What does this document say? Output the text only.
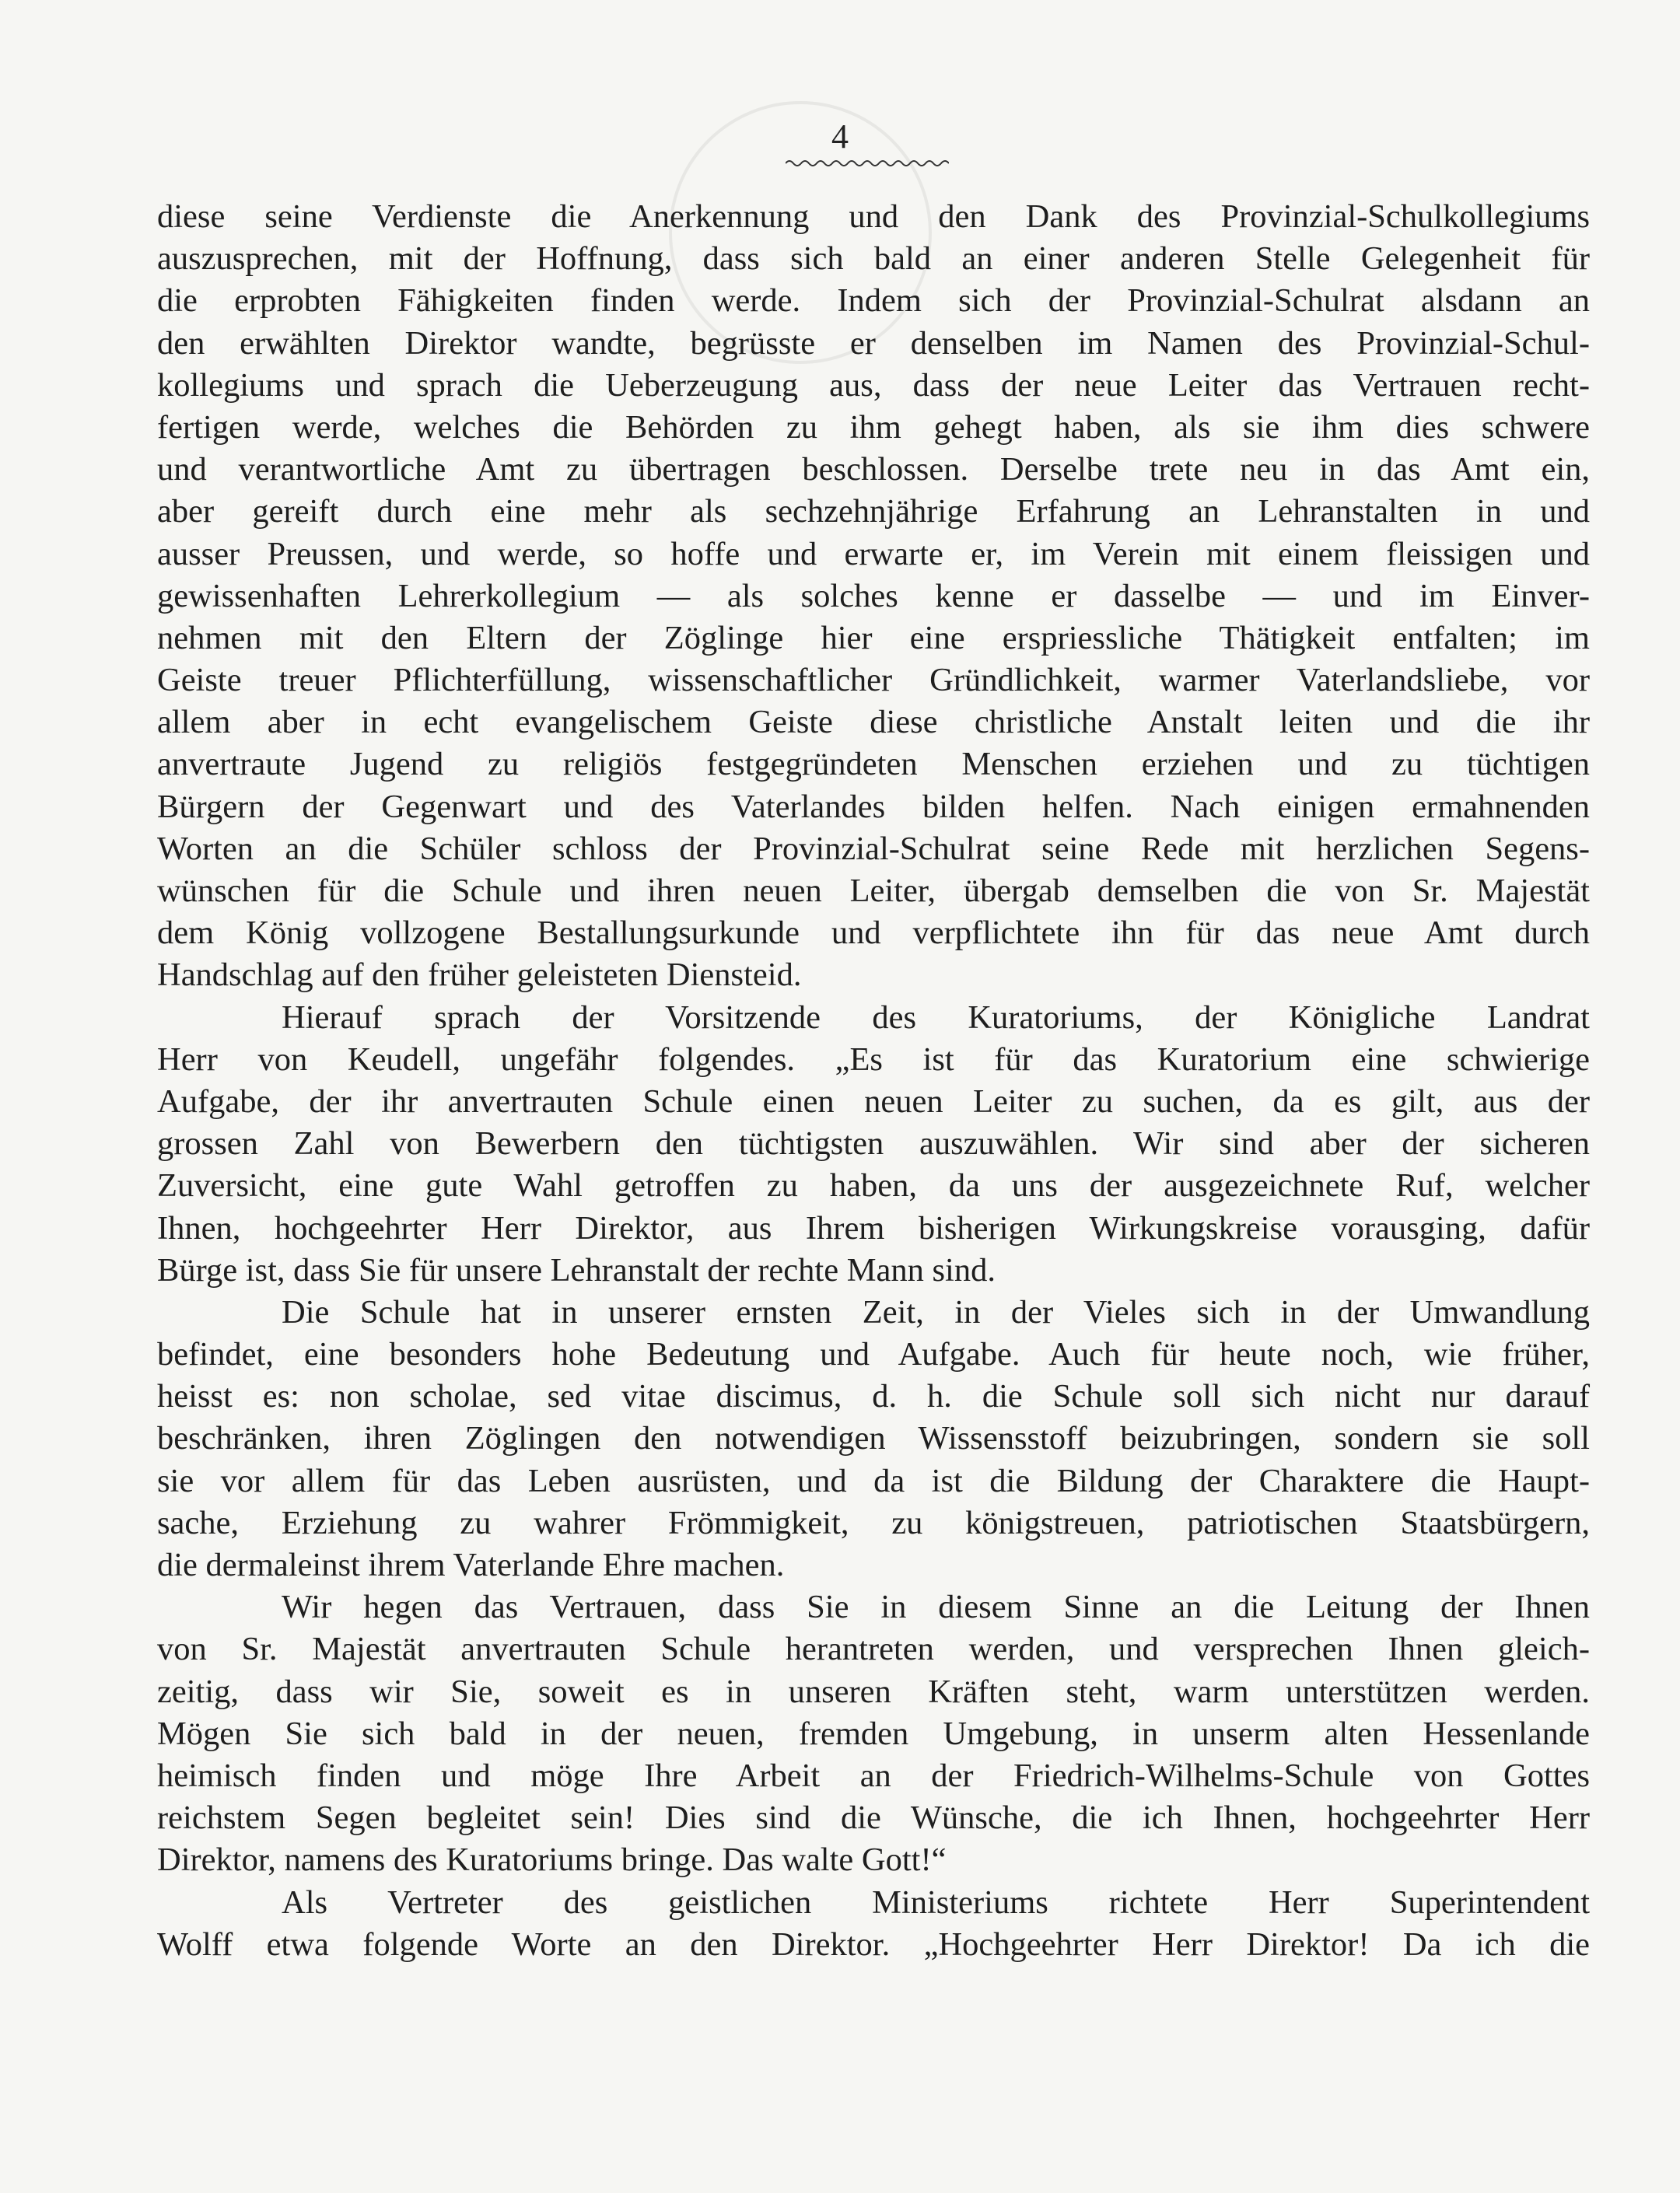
4
diese seine Verdienste die Anerkennung und den Dank des Provinzial-Schulkollegiums
auszusprechen, mit der Hoffnung, dass sich bald an einer anderen Stelle Gelegenheit für
die erprobten Fähigkeiten finden werde. Indem sich der Provinzial-Schulrat alsdann an
den erwählten Direktor wandte, begrüsste er denselben im Namen des Provinzial-Schul-
kollegiums und sprach die Ueberzeugung aus, dass der neue Leiter das Vertrauen recht-
fertigen werde, welches die Behörden zu ihm gehegt haben, als sie ihm dies schwere
und verantwortliche Amt zu übertragen beschlossen. Derselbe trete neu in das Amt ein,
aber gereift durch eine mehr als sechzehnjährige Erfahrung an Lehranstalten in und
ausser Preussen, und werde, so hoffe und erwarte er, im Verein mit einem fleissigen und
gewissenhaften Lehrerkollegium — als solches kenne er dasselbe — und im Einver-
nehmen mit den Eltern der Zöglinge hier eine erspriessliche Thätigkeit entfalten; im
Geiste treuer Pflichterfüllung, wissenschaftlicher Gründlichkeit, warmer Vaterlandsliebe, vor
allem aber in echt evangelischem Geiste diese christliche Anstalt leiten und die ihr
anvertraute Jugend zu religiös festgegründeten Menschen erziehen und zu tüchtigen
Bürgern der Gegenwart und des Vaterlandes bilden helfen. Nach einigen ermahnenden
Worten an die Schüler schloss der Provinzial-Schulrat seine Rede mit herzlichen Segens-
wünschen für die Schule und ihren neuen Leiter, übergab demselben die von Sr. Majestät
dem König vollzogene Bestallungsurkunde und verpflichtete ihn für das neue Amt durch
Handschlag auf den früher geleisteten Diensteid.
Hierauf sprach der Vorsitzende des Kuratoriums, der Königliche Landrat
Herr von Keudell, ungefähr folgendes. „Es ist für das Kuratorium eine schwierige
Aufgabe, der ihr anvertrauten Schule einen neuen Leiter zu suchen, da es gilt, aus der
grossen Zahl von Bewerbern den tüchtigsten auszuwählen. Wir sind aber der sicheren
Zuversicht, eine gute Wahl getroffen zu haben, da uns der ausgezeichnete Ruf, welcher
Ihnen, hochgeehrter Herr Direktor, aus Ihrem bisherigen Wirkungskreise vorausging, dafür
Bürge ist, dass Sie für unsere Lehranstalt der rechte Mann sind.
Die Schule hat in unserer ernsten Zeit, in der Vieles sich in der Umwandlung
befindet, eine besonders hohe Bedeutung und Aufgabe. Auch für heute noch, wie früher,
heisst es: non scholae, sed vitae discimus, d. h. die Schule soll sich nicht nur darauf
beschränken, ihren Zöglingen den notwendigen Wissensstoff beizubringen, sondern sie soll
sie vor allem für das Leben ausrüsten, und da ist die Bildung der Charaktere die Haupt-
sache, Erziehung zu wahrer Frömmigkeit, zu königstreuen, patriotischen Staatsbürgern,
die dermaleinst ihrem Vaterlande Ehre machen.
Wir hegen das Vertrauen, dass Sie in diesem Sinne an die Leitung der Ihnen
von Sr. Majestät anvertrauten Schule herantreten werden, und versprechen Ihnen gleich-
zeitig, dass wir Sie, soweit es in unseren Kräften steht, warm unterstützen werden.
Mögen Sie sich bald in der neuen, fremden Umgebung, in unserm alten Hessenlande
heimisch finden und möge Ihre Arbeit an der Friedrich-Wilhelms-Schule von Gottes
reichstem Segen begleitet sein! Dies sind die Wünsche, die ich Ihnen, hochgeehrter Herr
Direktor, namens des Kuratoriums bringe. Das walte Gott!“
Als Vertreter des geistlichen Ministeriums richtete Herr Superintendent
Wolff etwa folgende Worte an den Direktor. „Hochgeehrter Herr Direktor! Da ich die
